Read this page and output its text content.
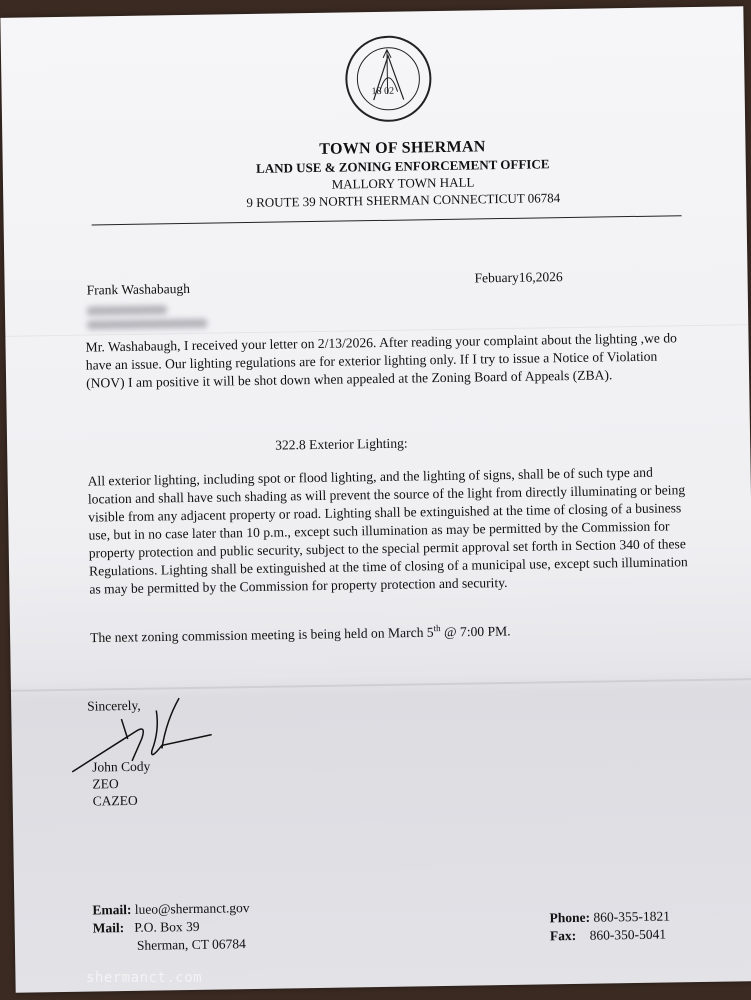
18 02
TOWN OF SHERMAN
LAND USE & ZONING ENFORCEMENT OFFICE
MALLORY TOWN HALL
9 ROUTE 39 NORTH SHERMAN CONNECTICUT 06784
Frank Washabaugh
Febuary16,2026
Mr. Washabaugh, I received your letter on 2/13/2026. After reading your complaint about the lighting ,we do have an issue. Our lighting regulations are for exterior lighting only. If I try to issue a Notice of Violation (NOV) I am positive it will be shot down when appealed at the Zoning Board of Appeals (ZBA).
322.8 Exterior Lighting:
All exterior lighting, including spot or flood lighting, and the lighting of signs, shall be of such type and location and shall have such shading as will prevent the source of the light from directly illuminating or being visible from any adjacent property or road. Lighting shall be extinguished at the time of closing of a business use, but in no case later than 10 p.m., except such illumination as may be permitted by the Commission for property protection and public security, subject to the special permit approval set forth in Section 340 of these Regulations. Lighting shall be extinguished at the time of closing of a municipal use, except such illumination as may be permitted by the Commission for property protection and security.
The next zoning commission meeting is being held on March 5th @ 7:00 PM.
Sincerely,
John Cody
ZEO
CAZEO
Email: lueo@shermanct.gov
Mail: P.O. Box 39
Sherman, CT 06784
Phone: 860-355-1821
Fax: 860-350-5041
shermanct.com
